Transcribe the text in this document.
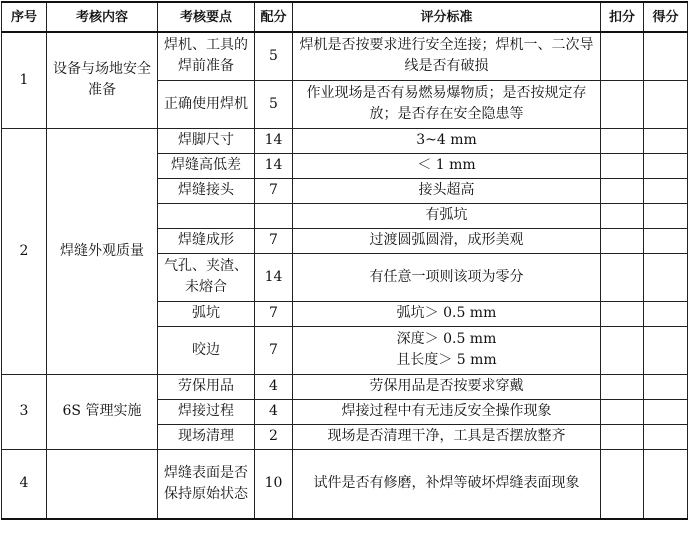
序号	考核内容	考核要点	配分	评分标准	扣分	得分
1	设备与场地安全准备	焊机、工具的焊前准备	5	焊机是否按要求进行安全连接；焊机一、二次导线是否有破损		
		正确使用焊机	5	作业现场是否有易燃易爆物质；是否按规定存放；是否存在安全隐患等		
2	焊缝外观质量	焊脚尺寸	14	3~4 mm		
		焊缝高低差	14	＜ 1 mm		
		焊缝接头	7	接头超高		
				有弧坑		
		焊缝成形	7	过渡圆弧圆滑，成形美观		
		气孔、夹渣、未熔合	14	有任意一项则该项为零分		
		弧坑	7	弧坑＞ 0.5 mm		
		咬边	7	深度＞ 0.5 mm
且长度＞ 5 mm		
3	6S 管理实施	劳保用品	4	劳保用品是否按要求穿戴		
		焊接过程	4	焊接过程中有无违反安全操作现象		
		现场清理	2	现场是否清理干净，工具是否摆放整齐		
4		焊缝表面是否保持原始状态	10	试件是否有修磨，补焊等破坏焊缝表面现象		
